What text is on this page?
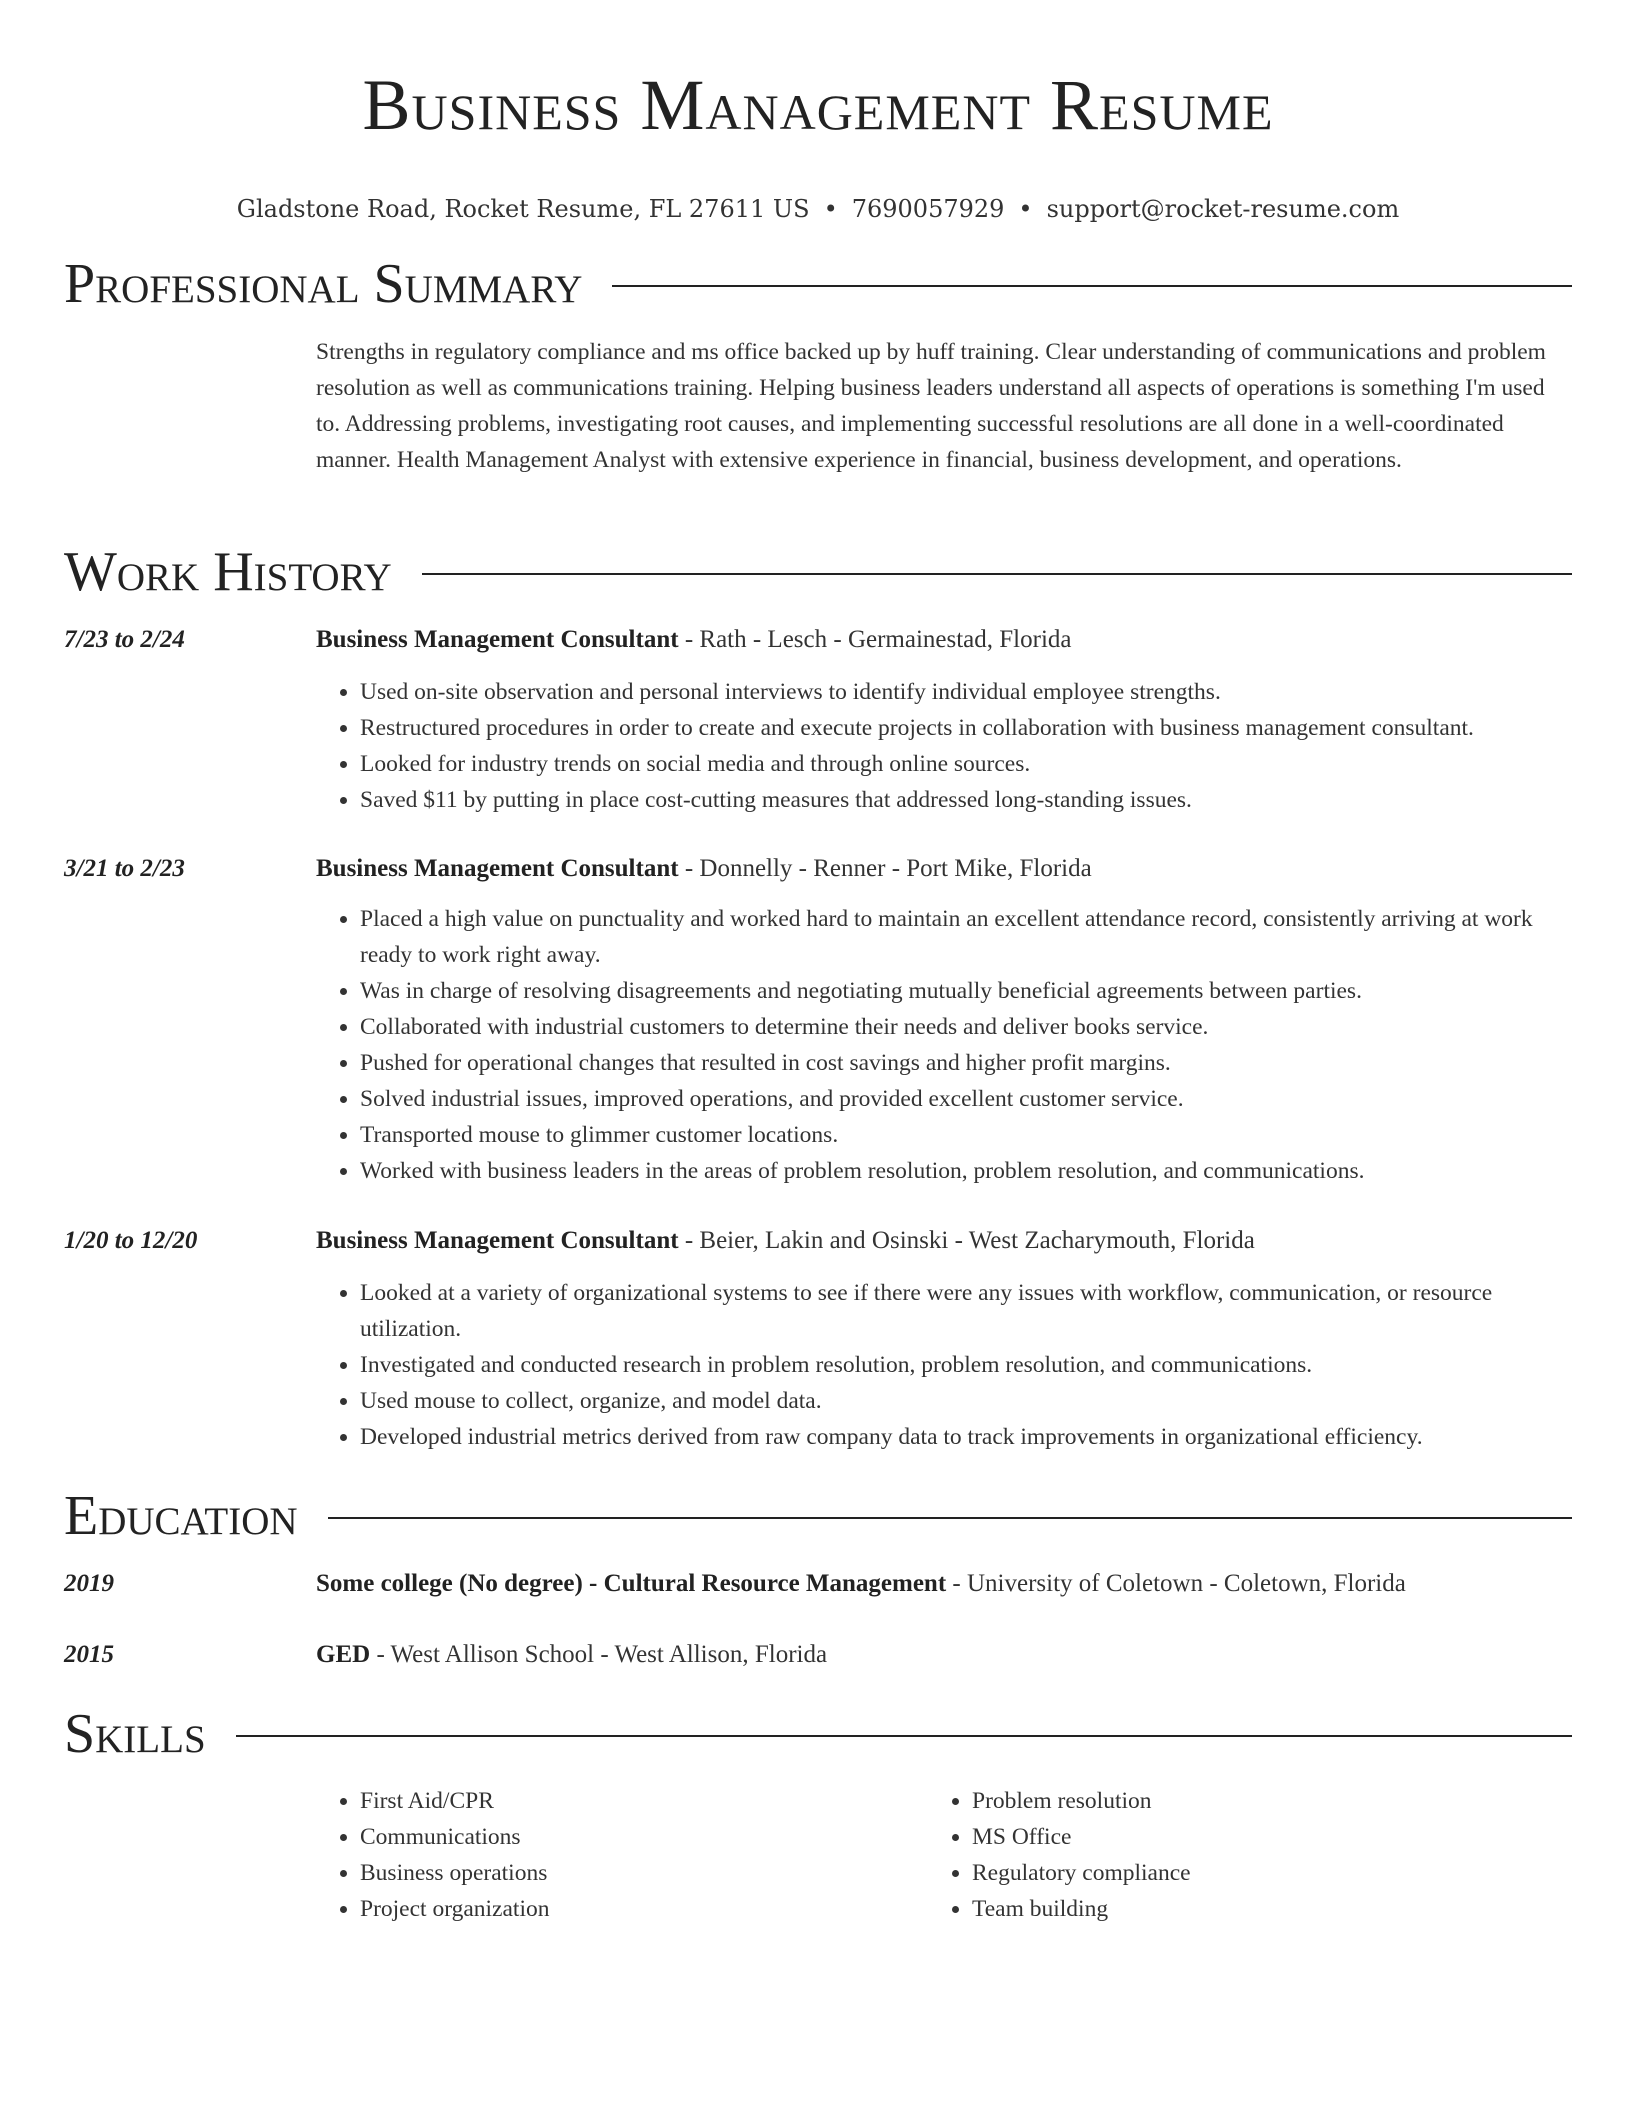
Business Management Resume
Gladstone Road, Rocket Resume, FL 27611 US • 7690057929 • support@rocket-resume.com
Professional Summary

Strengths in regulatory compliance and ms office backed up by huff training. Clear understanding of communications and problem resolution as well as communications training. Helping business leaders understand all aspects of operations is something I'm used to. Addressing problems, investigating root causes, and implementing successful resolutions are all done in a well-coordinated manner. Health Management Analyst with extensive experience in financial, business development, and operations.

Work History
7/23 to 2/24	Business Management Consultant - Rath - Lesch - Germainestad, Florida

• Used on-site observation and personal interviews to identify individual employee strengths.
• Restructured procedures in order to create and execute projects in collaboration with business management consultant.
• Looked for industry trends on social media and through online sources.
• Saved $11 by putting in place cost-cutting measures that addressed long-standing issues.
3/21 to 2/23	Business Management Consultant - Donnelly - Renner - Port Mike, Florida

• Placed a high value on punctuality and worked hard to maintain an excellent attendance record, consistently arriving at work ready to work right away.
• Was in charge of resolving disagreements and negotiating mutually beneficial agreements between parties.
• Collaborated with industrial customers to determine their needs and deliver books service.
• Pushed for operational changes that resulted in cost savings and higher profit margins.
• Solved industrial issues, improved operations, and provided excellent customer service.
• Transported mouse to glimmer customer locations.
• Worked with business leaders in the areas of problem resolution, problem resolution, and communications.
1/20 to 12/20	Business Management Consultant - Beier, Lakin and Osinski - West Zacharymouth, Florida

• Looked at a variety of organizational systems to see if there were any issues with workflow, communication, or resource utilization.
• Investigated and conducted research in problem resolution, problem resolution, and communications.
• Used mouse to collect, organize, and model data.
• Developed industrial metrics derived from raw company data to track improvements in organizational efficiency.
Education
2019	Some college (No degree) - Cultural Resource Management - University of Coletown - Coletown, Florida

2015	GED - West Allison School - West Allison, Florida

Skills
• First Aid/CPR
• Communications
• Business operations
• Project organization
• Problem resolution
• MS Office
• Regulatory compliance
• Team building
